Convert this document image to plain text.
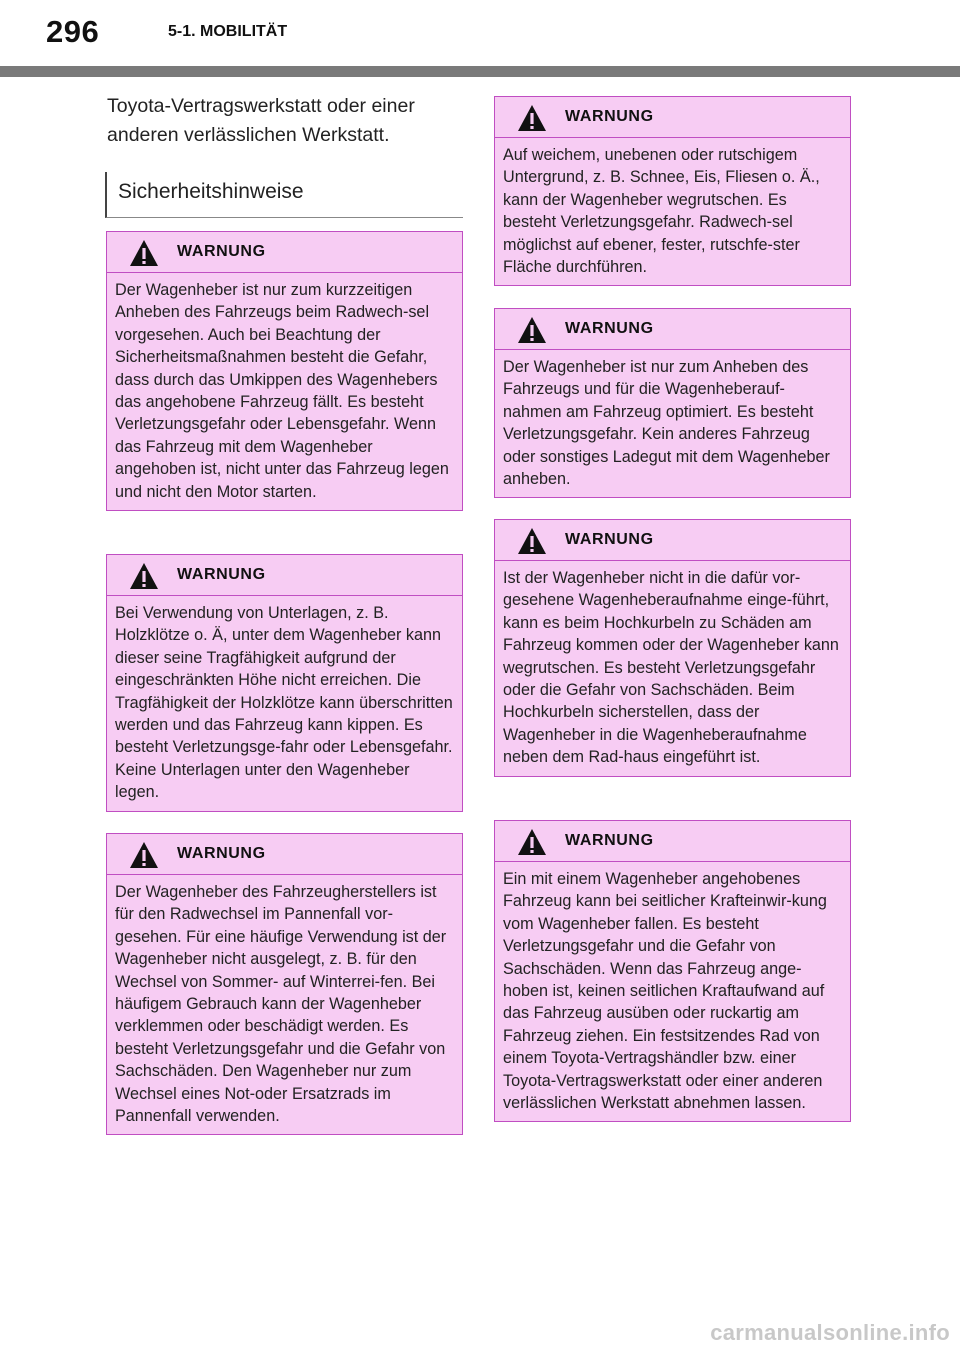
296	5-1. MOBILITÄT
Toyota-Vertragswerkstatt oder einer anderen verlässlichen Werkstatt.
Sicherheitshinweise
WARNUNG
Der Wagenheber ist nur zum kurzzeitigen Anheben des Fahrzeugs beim Radwech-sel vorgesehen. Auch bei Beachtung der Sicherheitsmaßnahmen besteht die Gefahr, dass durch das Umkippen des Wagenhebers das angehobene Fahrzeug fällt. Es besteht Verletzungsgefahr oder Lebensgefahr. Wenn das Fahrzeug mit dem Wagenheber angehoben ist, nicht unter das Fahrzeug legen und nicht den Motor starten.
WARNUNG
Bei Verwendung von Unterlagen, z. B. Holzklötze o. Ä, unter dem Wagenheber kann dieser seine Tragfähigkeit aufgrund der eingeschränkten Höhe nicht erreichen. Die Tragfähigkeit der Holzklötze kann überschritten werden und das Fahrzeug kann kippen. Es besteht Verletzungsge-fahr oder Lebensgefahr. Keine Unterlagen unter den Wagenheber legen.
WARNUNG
Der Wagenheber des Fahrzeugherstellers ist für den Radwechsel im Pannenfall vor-gesehen. Für eine häufige Verwendung ist der Wagenheber nicht ausgelegt, z. B. für den Wechsel von Sommer- auf Winterrei-fen. Bei häufigem Gebrauch kann der Wagenheber verklemmen oder beschädigt werden. Es besteht Verletzungsgefahr und die Gefahr von Sachschäden. Den Wagenheber nur zum Wechsel eines Not-oder Ersatzrads im Pannenfall verwenden.
WARNUNG
Auf weichem, unebenen oder rutschigem Untergrund, z. B. Schnee, Eis, Fliesen o. Ä., kann der Wagenheber wegrutschen. Es besteht Verletzungsgefahr. Radwech-sel möglichst auf ebener, fester, rutschfe-ster Fläche durchführen.
WARNUNG
Der Wagenheber ist nur zum Anheben des Fahrzeugs und für die Wagenheberauf-nahmen am Fahrzeug optimiert. Es besteht Verletzungsgefahr. Kein anderes Fahrzeug oder sonstiges Ladegut mit dem Wagenheber anheben.
WARNUNG
Ist der Wagenheber nicht in die dafür vor-gesehene Wagenheberaufnahme einge-führt, kann es beim Hochkurbeln zu Schäden am Fahrzeug kommen oder der Wagenheber kann wegrutschen. Es besteht Verletzungsgefahr oder die Gefahr von Sachschäden. Beim Hochkurbeln sicherstellen, dass der Wagenheber in die Wagenheberaufnahme neben dem Rad-haus eingeführt ist.
WARNUNG
Ein mit einem Wagenheber angehobenes Fahrzeug kann bei seitlicher Krafteinwir-kung vom Wagenheber fallen. Es besteht Verletzungsgefahr und die Gefahr von Sachschäden. Wenn das Fahrzeug ange-hoben ist, keinen seitlichen Kraftaufwand auf das Fahrzeug ausüben oder ruckartig am Fahrzeug ziehen. Ein festsitzendes Rad von einem Toyota-Vertragshändler bzw. einer Toyota-Vertragswerkstatt oder einer anderen verlässlichen Werkstatt abnehmen lassen.
carmanualsonline.info
